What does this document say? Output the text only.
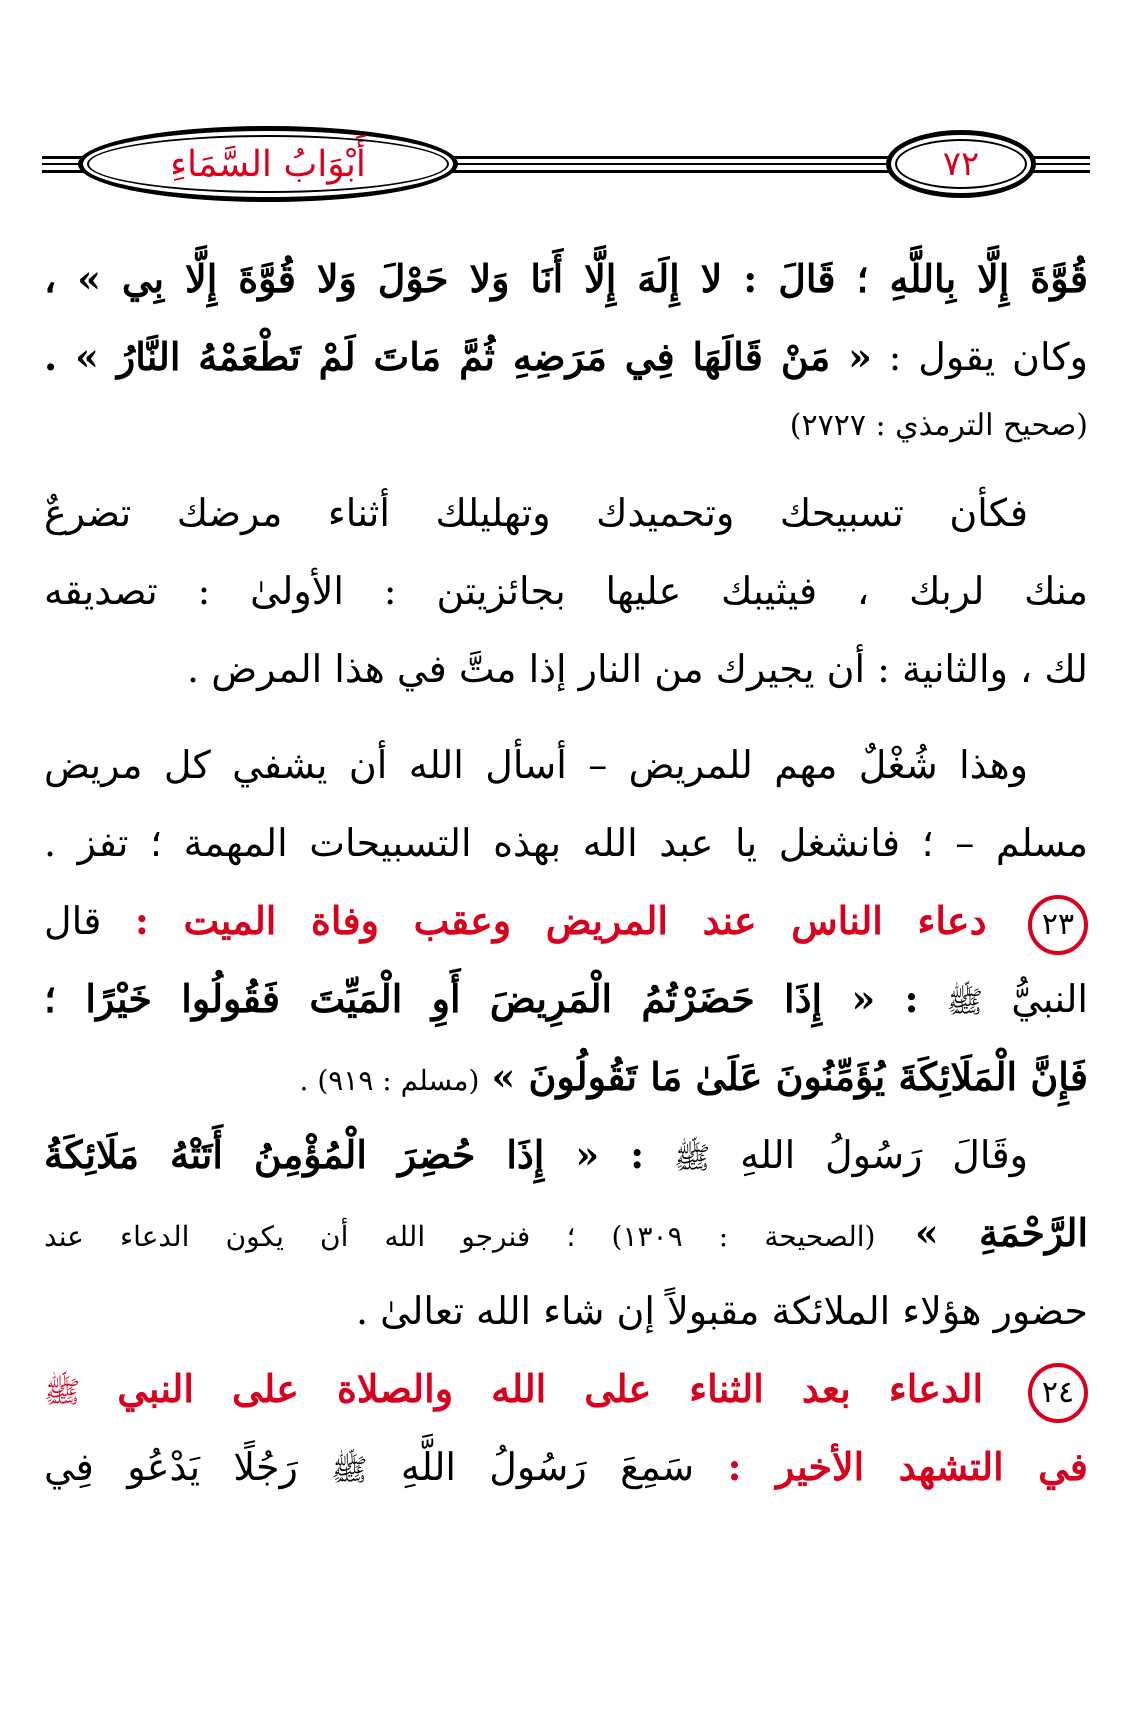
أَبْوَابُ السَّمَاءِ	٧٢
قُوَّةَ إِلَّا بِاللَّهِ ؛ قَالَ : لا إِلَهَ إِلَّا أَنَا وَلا حَوْلَ وَلا قُوَّةَ إِلَّا بِي » ،
وكان يقول : « مَنْ قَالَهَا فِي مَرَضِهِ ثُمَّ مَاتَ لَمْ تَطْعَمْهُ النَّارُ » .
(صحيح الترمذي : ٢٧٢٧)
فكأن تسبيحك وتحميدك وتهليلك أثناء مرضك تضرعٌ
منك لربك ، فيثيبك عليها بجائزيتن : الأولىٰ : تصديقه
لك ، والثانية : أن يجيرك من النار إذا متَّ في هذا المرض .
وهذا شُغْلٌ مهم للمريض – أسأل الله أن يشفي كل مريض
مسلم – ؛ فانشغل يا عبد الله بهذه التسبيحات المهمة ؛ تفز .
٢٣ دعاء الناس عند المريض وعقب وفاة الميت : قال
النبيُّ ﷺ : « إِذَا حَضَرْتُمُ الْمَرِيضَ أَوِ الْمَيِّتَ فَقُولُوا خَيْرًا ؛
فَإِنَّ الْمَلَائِكَةَ يُؤَمِّنُونَ عَلَىٰ مَا تَقُولُونَ » (مسلم : ٩١٩) .
وقَالَ رَسُولُ اللهِ ﷺ : « إِذَا حُضِرَ الْمُؤْمِنُ أَتَتْهُ مَلَائِكَةُ
الرَّحْمَةِ » (الصحيحة : ١٣٠٩) ؛ فنرجو الله أن يكون الدعاء عند
حضور هؤلاء الملائكة مقبولاً إن شاء الله تعالىٰ .
٢٤ الدعاء بعد الثناء على الله والصلاة على النبي ﷺ
في التشهد الأخير : سَمِعَ رَسُولُ اللَّهِ ﷺ رَجُلًا يَدْعُو فِي
